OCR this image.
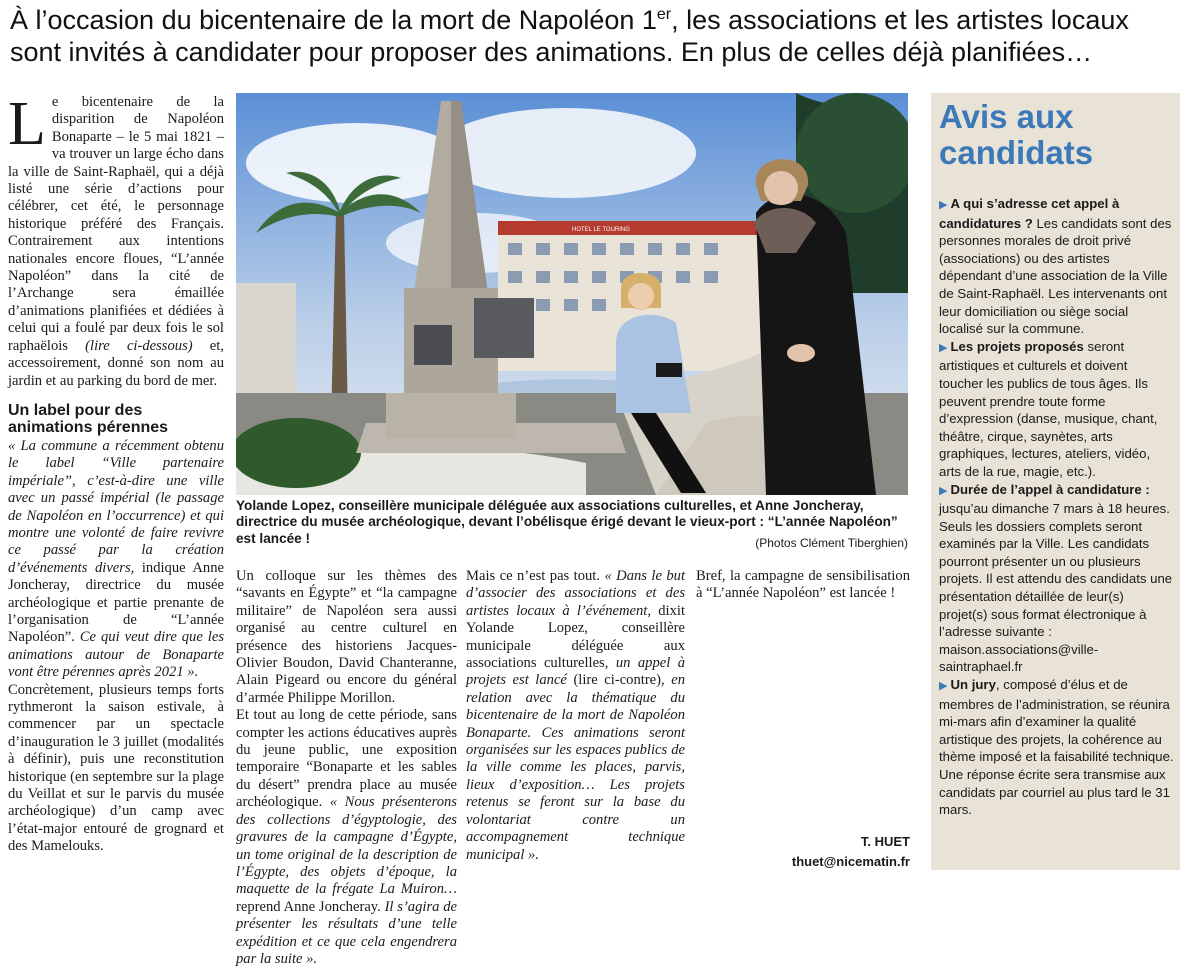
À l’occasion du bicentenaire de la mort de Napoléon 1er, les associations et les artistes locaux sont invités à candidater pour proposer des animations. En plus de celles déjà planifiées…

Le bicentenaire de la disparition de Napoléon Bonaparte – le 5 mai 1821 – va trouver un large écho dans la ville de Saint-Raphaël, qui a déjà listé une série d’actions pour célébrer, cet été, le personnage historique préféré des Français. Contrairement aux intentions nationales encore floues, “L’année Napoléon” dans la cité de l’Archange sera émaillée d’animations planifiées et dédiées à celui qui a foulé par deux fois le sol raphaëlois (lire ci-dessous) et, accessoirement, donné son nom au jardin et au parking du bord de mer.

Un label pour des animations pérennes

« La commune a récemment obtenu le label “Ville partenaire impériale”, c’est-à-dire une ville avec un passé impérial (le passage de Napoléon en l’occurrence) et qui montre une volonté de faire revivre ce passé par la création d’événements divers, indique Anne Joncheray, directrice du musée archéologique et partie prenante de l’organisation de “L’année Napoléon”. Ce qui veut dire que les animations autour de Bonaparte vont être pérennes après 2021 ».

Concrètement, plusieurs temps forts rythmeront la saison estivale, à commencer par un spectacle d’inauguration le 3 juillet (modalités à définir), puis une reconstitution historique (en septembre sur la plage du Veillat et sur le parvis du musée archéologique) d’un camp avec l’état-major entouré de grognard et des Mamelouks.

HOTEL LE TOURING
Yolande Lopez, conseillère municipale déléguée aux associations culturelles, et Anne Joncheray, directrice du musée archéologique, devant l’obélisque érigé devant le vieux-port : “L’année Napoléon” est lancée !	(Photos Clément Tiberghien)

Un colloque sur les thèmes des “savants en Égypte” et “la campagne militaire” de Napoléon sera aussi organisé au centre culturel en présence des historiens Jacques-Olivier Boudon, David Chanteranne, Alain Pigeard ou encore du général d’armée Philippe Morillon.

Et tout au long de cette période, sans compter les actions éducatives auprès du jeune public, une exposition temporaire “Bonaparte et les sables du désert” prendra place au musée archéologique. « Nous présenterons des collections d’égyptologie, des gravures de la campagne d’Égypte, un tome original de la description de l’Égypte, des objets d’époque, la maquette de la frégate La Muiron… reprend Anne Joncheray. Il s’agira de présenter les résultats d’une telle expédition et ce que cela engendrera par la suite ».

Mais ce n’est pas tout. « Dans le but d’associer des associations et des artistes locaux à l’événement, dixit Yolande Lopez, conseillère municipale déléguée aux associations culturelles, un appel à projets est lancé (lire ci-contre), en relation avec la thématique du bicentenaire de la mort de Napoléon Bonaparte. Ces animations seront organisées sur les espaces publics de la ville comme les places, parvis, lieux d’exposition… Les projets retenus se feront sur la base du volontariat contre un accompagnement technique municipal ».

Bref, la campagne de sensibilisation à “L’année Napoléon” est lancée !

T. HUET
thuet@nicematin.fr
Avis aux candidats

▶ A qui s’adresse cet appel à candidatures ? Les candidats sont des personnes morales de droit privé (associations) ou des artistes dépendant d’une association de la Ville de Saint-Raphaël. Les intervenants ont leur domiciliation ou siège social localisé sur la commune.

▶ Les projets proposés seront artistiques et culturels et doivent toucher les publics de tous âges. Ils peuvent prendre toute forme d’expression (danse, musique, chant, théâtre, cirque, saynètes, arts graphiques, lectures, ateliers, vidéo, arts de la rue, magie, etc.).

▶ Durée de l’appel à candidature : jusqu’au dimanche 7 mars à 18 heures. Seuls les dossiers complets seront examinés par la Ville. Les candidats pourront présenter un ou plusieurs projets. Il est attendu des candidats une présentation détaillée de leur(s) projet(s) sous format électronique à l’adresse suivante : maison.associations@ville-saintraphael.fr

▶ Un jury, composé d’élus et de membres de l’administration, se réunira mi-mars afin d’examiner la qualité artistique des projets, la cohérence au thème imposé et la faisabilité technique. Une réponse écrite sera transmise aux candidats par courriel au plus tard le 31 mars.
